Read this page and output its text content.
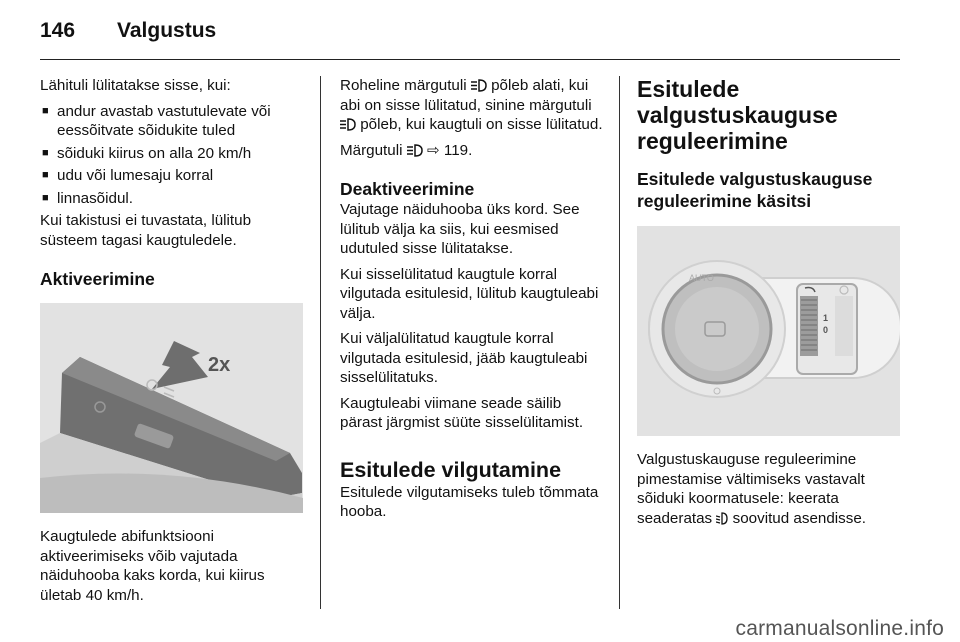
146 Valgustus

Lähituli lülitatakse sisse, kui:

■ andur avastab vastutulevate või eessõitvate sõidukite tuled
■ sõiduki kiirus on alla 20 km/h
■ udu või lumesaju korral
■ linnasõidul.

Kui takistusi ei tuvastata, lülitub süsteem tagasi kaugtuledele.

Aktiveerimine
2x

Kaugtulede abifunktsiooni aktiveerimiseks võib vajutada näiduhooba kaks korda, kui kiirus ületab 40 km/h.

Roheline märgutuli põleb alati, kui abi on sisse lülitatud, sinine märgutuli  põleb, kui kaugtuli on sisse lülitatud.

Märgutuli ⇨ 119.

Deaktiveerimine

Vajutage näiduhooba üks kord. See lülitub välja ka siis, kui eesmised udutuled sisse lülitatakse.

Kui sisselülitatud kaugtule korral vilgutada esitulesid, lülitub kaugtuleabi välja.

Kui väljalülitatud kaugtule korral vilgutada esitulesid, jääb kaugtuleabi sisselülitatuks.

Kaugtuleabi viimane seade säilib pärast järgmist süüte sisselülitamist.

Esitulede vilgutamine

Esitulede vilgutamiseks tuleb tõmmata hooba.

Esitulede valgustuskauguse reguleerimine
Esitulede valgustuskauguse reguleerimine käsitsi
AUTO
1
0

Valgustuskauguse reguleerimine pimestamise vältimiseks vastavalt sõiduki koormatusele: keerata seaderatas soovitud asendisse.

carmanualsonline.info
